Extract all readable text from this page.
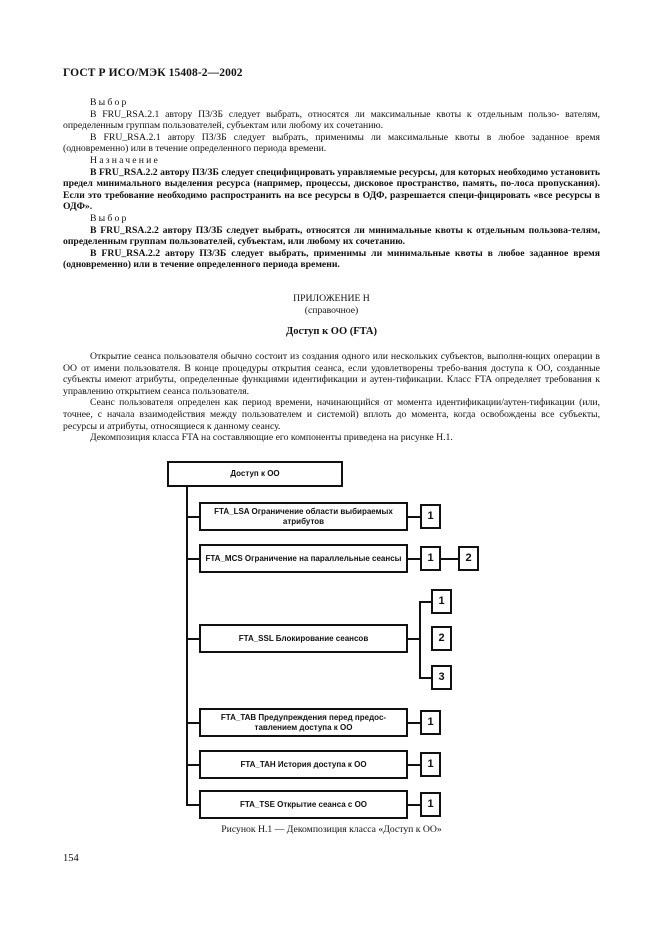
ГОСТ Р ИСО/МЭК 15408-2—2002

Выбор

В FRU_RSA.2.1 автору ПЗ/ЗБ следует выбрать, относятся ли максимальные квоты к отдельным пользо- вателям, определенным группам пользователей, субъектам или любому их сочетанию.

В FRU_RSA.2.1 автору ПЗ/ЗБ следует выбрать, применимы ли максимальные квоты в любое заданное время (одновременно) или в течение определенного периода времени.

Назначение

В FRU_RSA.2.2 автору ПЗ/ЗБ следует специфицировать управляемые ресурсы, для которых необходимо установить предел минимального выделения ресурса (например, процессы, дисковое пространство, память, по-лоса пропускания). Если это требование необходимо распространить на все ресурсы в ОДФ, разрешается специ-фицировать «все ресурсы в ОДФ».

Выбор

В FRU_RSA.2.2 автору ПЗ/ЗБ следует выбрать, относятся ли минимальные квоты к отдельным пользова-телям, определенным группам пользователей, субъектам, или любому их сочетанию.

В FRU_RSA.2.2 автору ПЗ/ЗБ следует выбрать, применимы ли минимальные квоты в любое заданное время (одновременно) или в течение определенного периода времени.

ПРИЛОЖЕНИЕ Н
(справочное)
Доступ к ОО (FTA)

Открытие сеанса пользователя обычно состоит из создания одного или нескольких субъектов, выполня-ющих операции в ОО от имени пользователя. В конце процедуры открытия сеанса, если удовлетворены требо-вания доступа к ОО, созданные субъекты имеют атрибуты, определенные функциями идентификации и аутен-тификации. Класс FTA определяет требования к управлению открытием сеанса пользователя.

Сеанс пользователя определен как период времени, начинающийся от момента идентификации/аутен-тификации (или, точнее, с начала взаимодействия между пользователем и системой) вплоть до момента, когда освобождены все субъекты, ресурсы и атрибуты, относящиеся к данному сеансу.

Декомпозиция класса FTA на составляющие его компоненты приведена на рисунке Н.1.

Доступ к ОО
FTA_LSA Ограничение области выбираемых атрибутов	1
FTA_MCS Ограничение на параллельные сеансы	1	2
FTA_SSL Блокирование сеансов
1
2
3
FTA_TAB Предупреждения перед предос-тавлением доступа к ОО	1
FTA_TAH История доступа к ОО	1
FTA_TSE Открытие сеанса с ОО	1
Рисунок Н.1 — Декомпозиция класса «Доступ к ОО»
154
